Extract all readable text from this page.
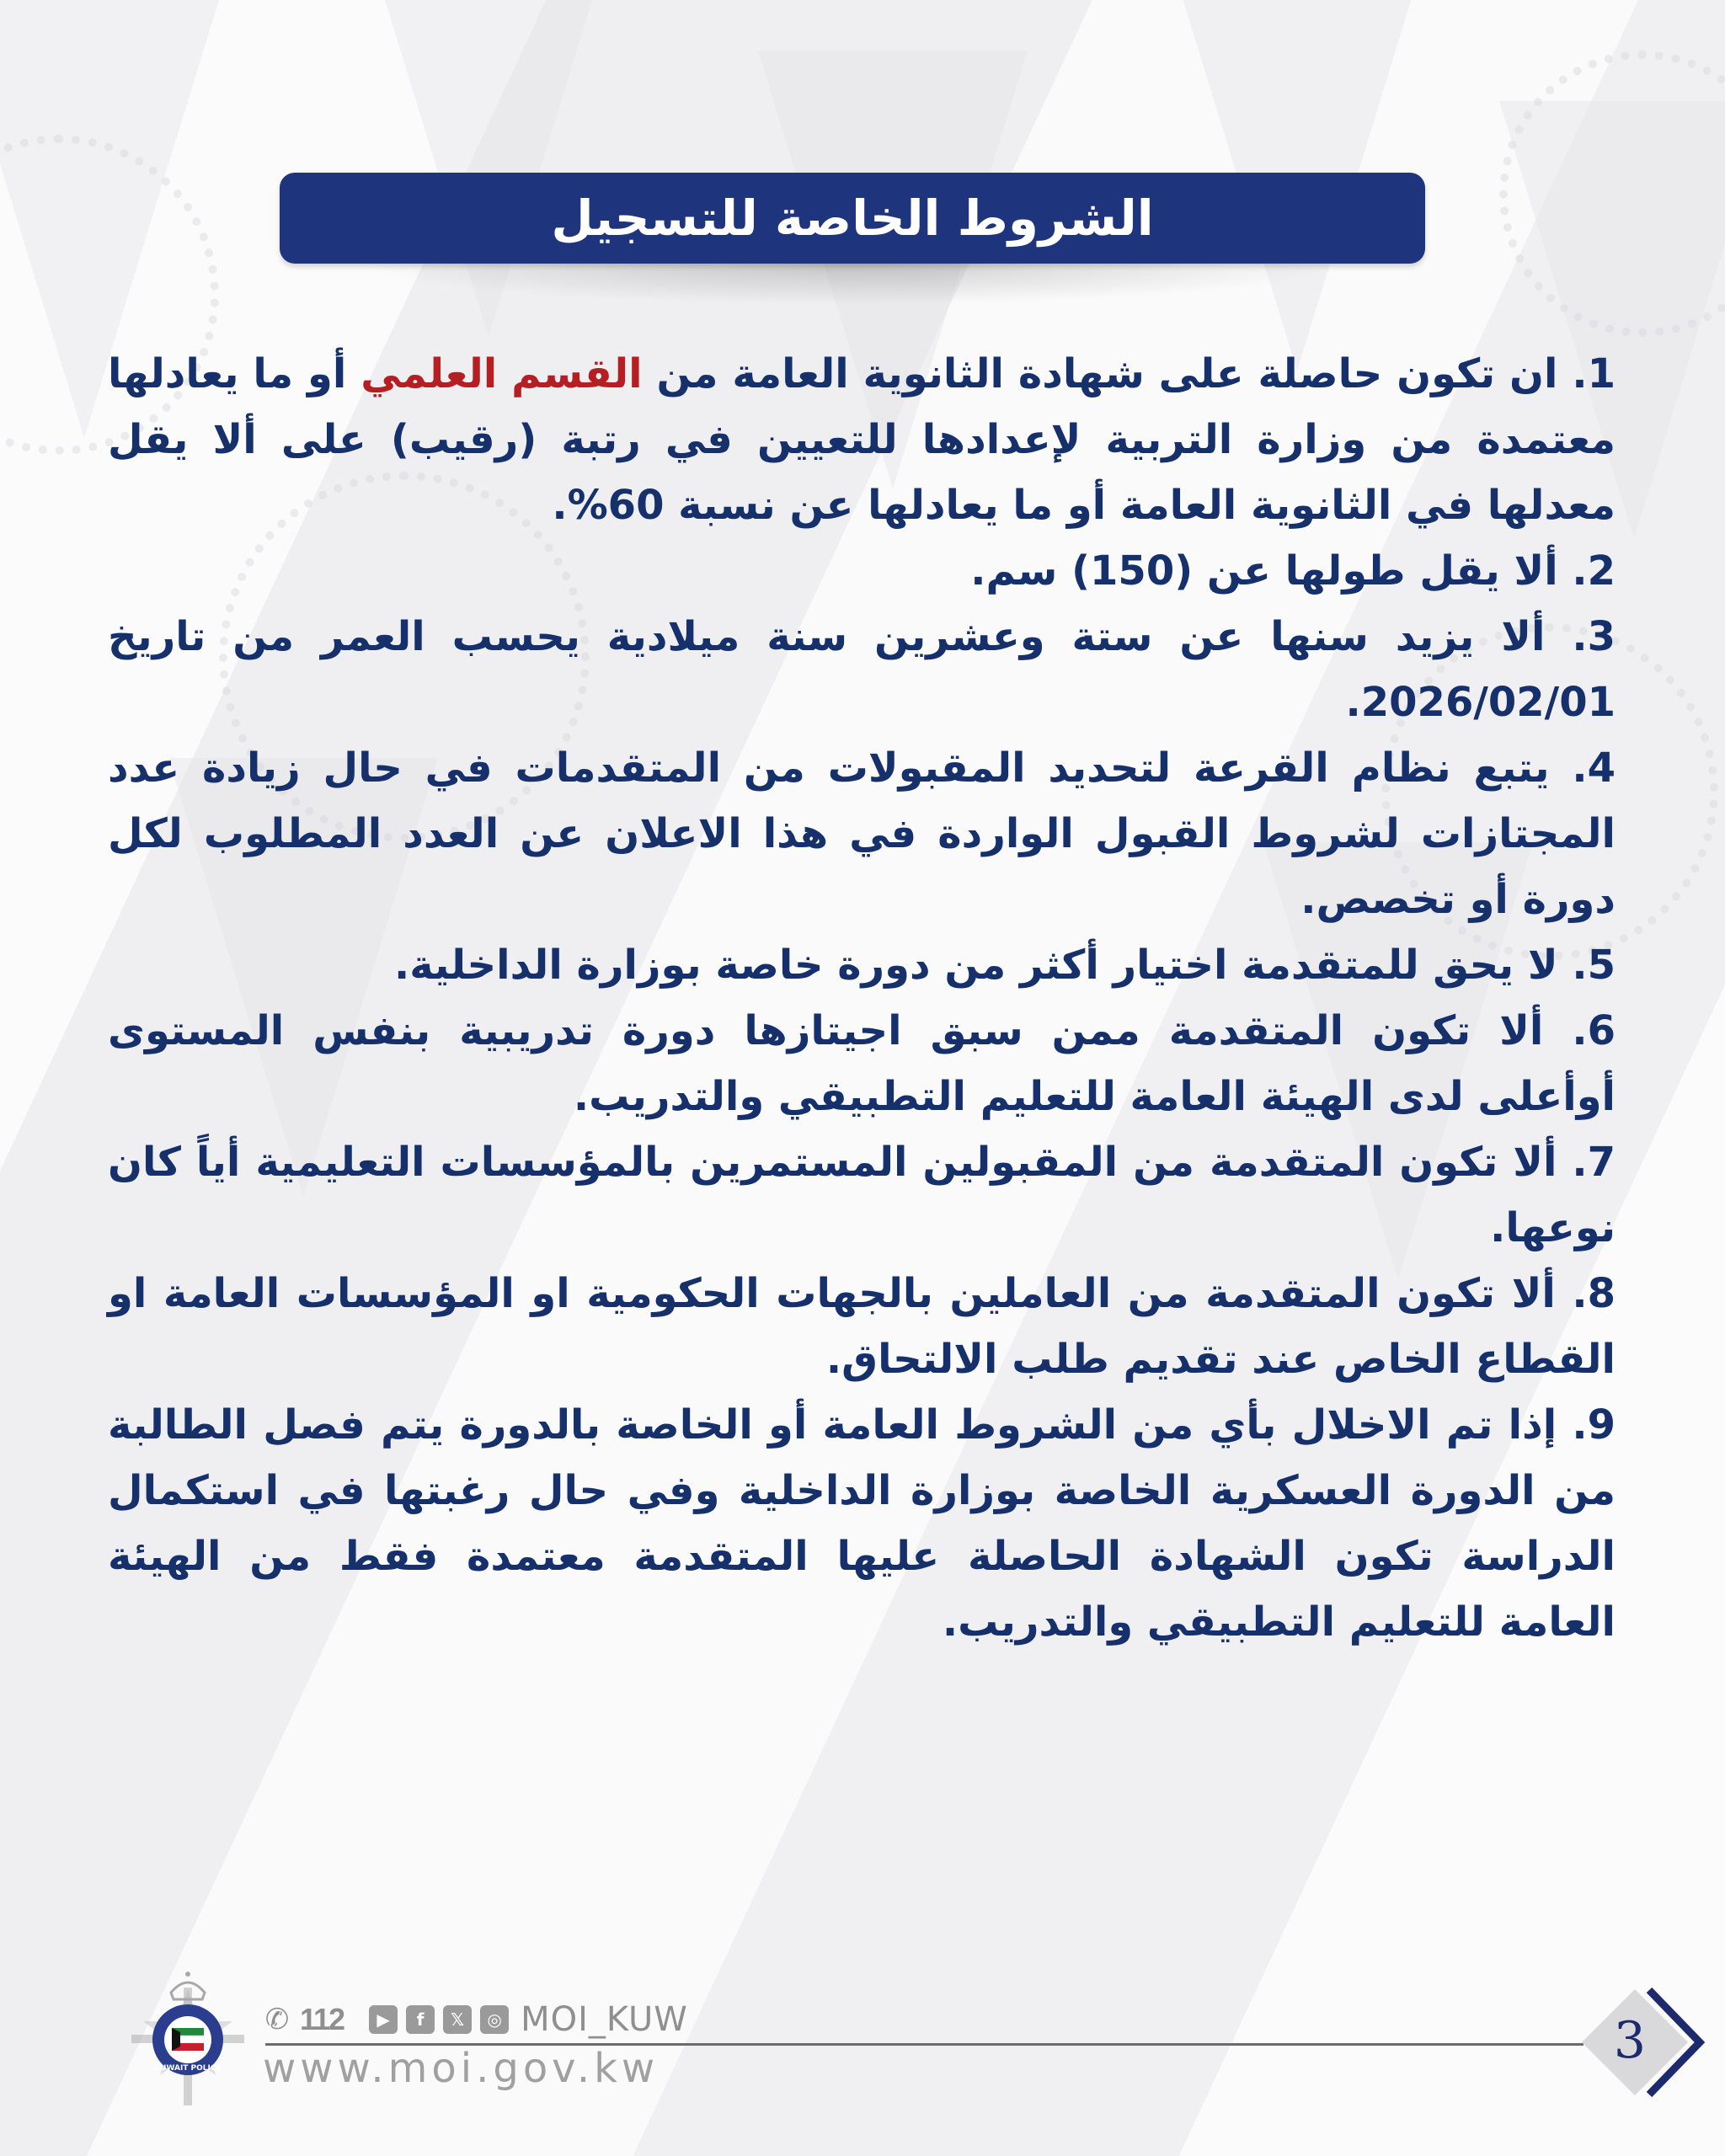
الشروط الخاصة للتسجيل

1. ان تكون حاصلة على شهادة الثانوية العامة من القسم العلمي أو ما يعادلها معتمدة من وزارة التربية لإعدادها للتعيين في رتبة (رقيب) على ألا يقل معدلها في الثانوية العامة أو ما يعادلها عن نسبة 60%.

2. ألا يقل طولها عن (150) سم.

3. ألا يزيد سنها عن ستة وعشرين سنة ميلادية يحسب العمر من تاريخ 2026/02/01.

4. يتبع نظام القرعة لتحديد المقبولات من المتقدمات في حال زيادة عدد المجتازات لشروط القبول الواردة في هذا الاعلان عن العدد المطلوب لكل دورة أو تخصص.

5. لا يحق للمتقدمة اختيار أكثر من دورة خاصة بوزارة الداخلية.

6. ألا تكون المتقدمة ممن سبق اجيتازها دورة تدريبية بنفس المستوى أوأعلى لدى الهيئة العامة للتعليم التطبيقي والتدريب.

7. ألا تكون المتقدمة من المقبولين المستمرين بالمؤسسات التعليمية أياً كان نوعها.

8. ألا تكون المتقدمة من العاملين بالجهات الحكومية او المؤسسات العامة او القطاع الخاص عند تقديم طلب الالتحاق.

9. إذا تم الاخلال بأي من الشروط العامة أو الخاصة بالدورة يتم فصل الطالبة من الدورة العسكرية الخاصة بوزارة الداخلية وفي حال رغبتها في استكمال الدراسة تكون الشهادة الحاصلة عليها المتقدمة معتمدة فقط من الهيئة العامة للتعليم التطبيقي والتدريب.

KUWAIT POLICE
✆ 112	▶	f	𝕏	◎ MOI_KUW
www.moi.gov.kw	3
